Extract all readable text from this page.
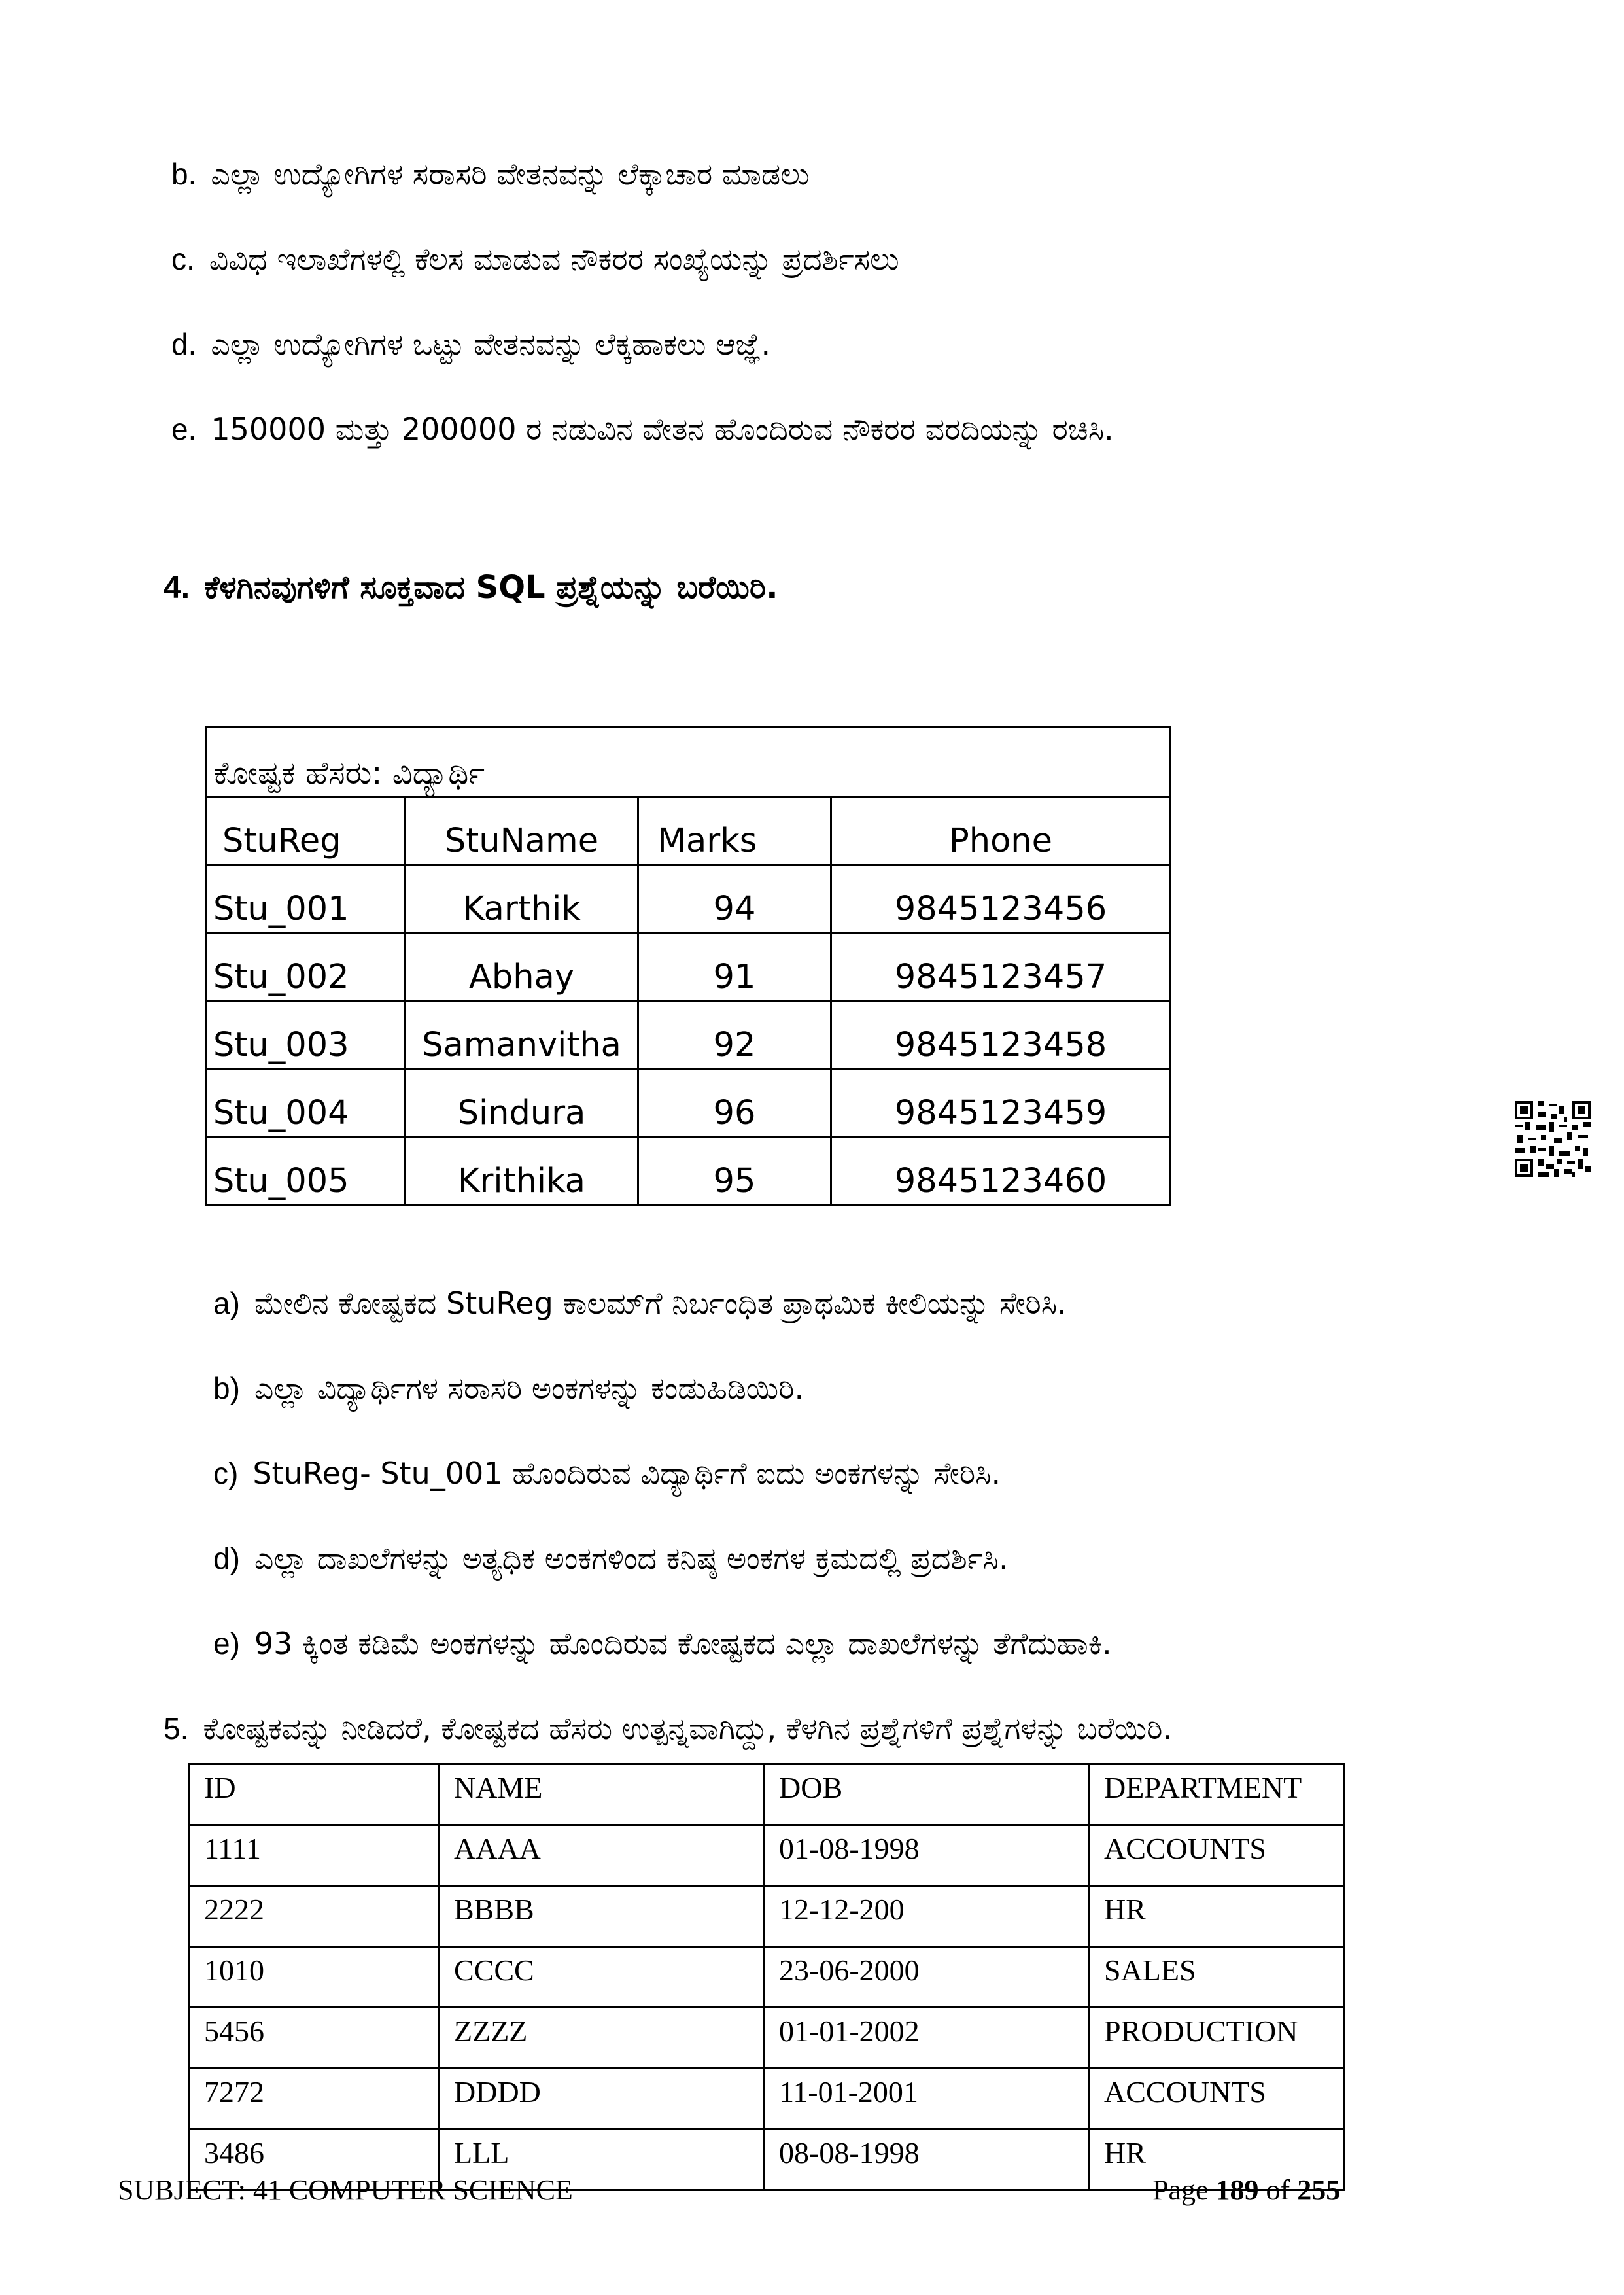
b. ಎಲ್ಲಾ ಉದ್ಯೋಗಿಗಳ ಸರಾಸರಿ ವೇತನವನ್ನು ಲೆಕ್ಕಾಚಾರ ಮಾಡಲು
c. ವಿವಿಧ ಇಲಾಖೆಗಳಲ್ಲಿ ಕೆಲಸ ಮಾಡುವ ನೌಕರರ ಸಂಖ್ಯೆಯನ್ನು ಪ್ರದರ್ಶಿಸಲು
d. ಎಲ್ಲಾ ಉದ್ಯೋಗಿಗಳ ಒಟ್ಟು ವೇತನವನ್ನು ಲೆಕ್ಕಹಾಕಲು ಆಜ್ಞೆ.
e. 150000 ಮತ್ತು 200000 ರ ನಡುವಿನ ವೇತನ ಹೊಂದಿರುವ ನೌಕರರ ವರದಿಯನ್ನು ರಚಿಸಿ.
4. ಕೆಳಗಿನವುಗಳಿಗೆ ಸೂಕ್ತವಾದ SQL ಪ್ರಶ್ನೆಯನ್ನು ಬರೆಯಿರಿ.
ಕೋಷ್ಟಕ ಹೆಸರು: ವಿದ್ಯಾರ್ಥಿ			
StuReg	StuName	Marks	Phone
Stu_001	Karthik	94	9845123456
Stu_002	Abhay	91	9845123457
Stu_003	Samanvitha	92	9845123458
Stu_004	Sindura	96	9845123459
Stu_005	Krithika	95	9845123460
a) ಮೇಲಿನ ಕೋಷ್ಟಕದ StuReg ಕಾಲಮ್‌ಗೆ ನಿರ್ಬಂಧಿತ ಪ್ರಾಥಮಿಕ ಕೀಲಿಯನ್ನು ಸೇರಿಸಿ.
b) ಎಲ್ಲಾ ವಿದ್ಯಾರ್ಥಿಗಳ ಸರಾಸರಿ ಅಂಕಗಳನ್ನು ಕಂಡುಹಿಡಿಯಿರಿ.
c) StuReg- Stu_001 ಹೊಂದಿರುವ ವಿದ್ಯಾರ್ಥಿಗೆ ಐದು ಅಂಕಗಳನ್ನು ಸೇರಿಸಿ.
d) ಎಲ್ಲಾ ದಾಖಲೆಗಳನ್ನು ಅತ್ಯಧಿಕ ಅಂಕಗಳಿಂದ ಕನಿಷ್ಠ ಅಂಕಗಳ ಕ್ರಮದಲ್ಲಿ ಪ್ರದರ್ಶಿಸಿ.
e) 93 ಕ್ಕಿಂತ ಕಡಿಮೆ ಅಂಕಗಳನ್ನು ಹೊಂದಿರುವ ಕೋಷ್ಟಕದ ಎಲ್ಲಾ ದಾಖಲೆಗಳನ್ನು ತೆಗೆದುಹಾಕಿ.
5. ಕೋಷ್ಟಕವನ್ನು ನೀಡಿದರೆ, ಕೋಷ್ಟಕದ ಹೆಸರು ಉತ್ಪನ್ನವಾಗಿದ್ದು, ಕೆಳಗಿನ ಪ್ರಶ್ನೆಗಳಿಗೆ ಪ್ರಶ್ನೆಗಳನ್ನು ಬರೆಯಿರಿ.
ID	NAME	DOB	DEPARTMENT
1111	AAAA	01-08-1998	ACCOUNTS
2222	BBBB	12-12-200	HR
1010	CCCC	23-06-2000	SALES
5456	ZZZZ	01-01-2002	PRODUCTION
7272	DDDD	11-01-2001	ACCOUNTS
3486	LLL	08-08-1998	HR
SUBJECT: 41 COMPUTER SCIENCE	Page 189 of 255
